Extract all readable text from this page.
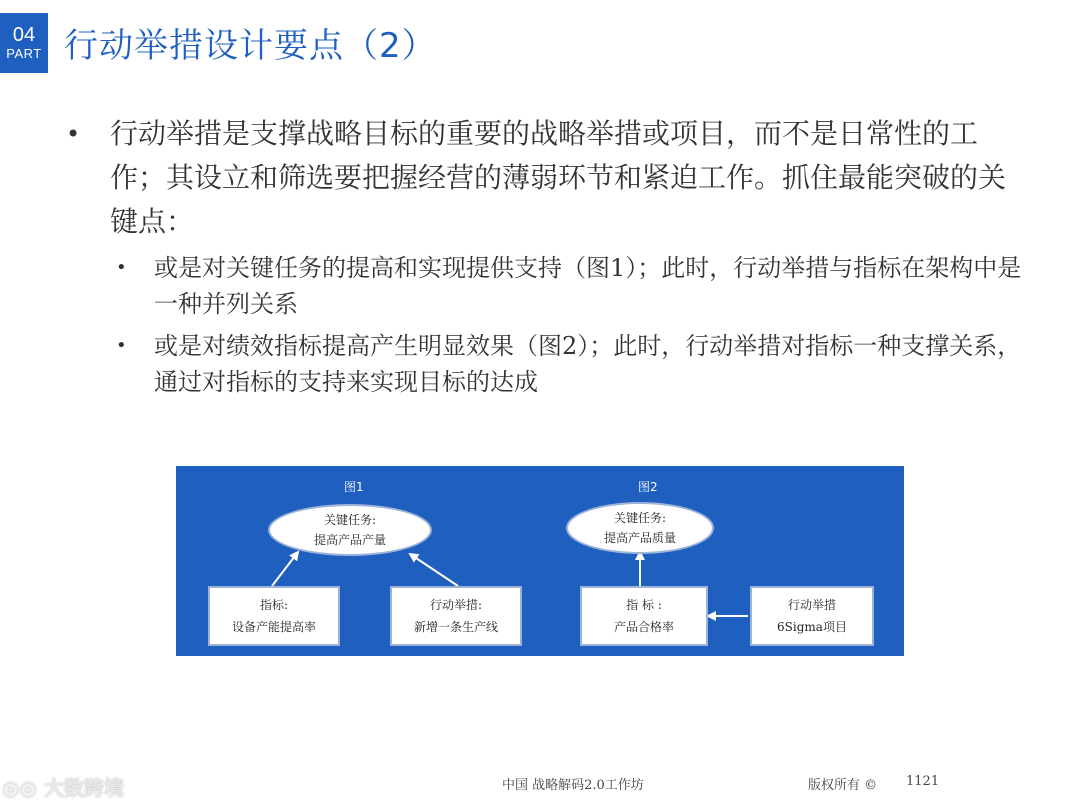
04
PART 行动举措设计要点（2）
• 行动举措是支撑战略目标的重要的战略举措或项目，而不是日常性的工作；其设立和筛选要把握经营的薄弱环节和紧迫工作。抓住最能突破的关键点：
• 或是对关键任务的提高和实现提供支持（图1）；此时，行动举措与指标在架构中是一种并列关系
• 或是对绩效指标提高产生明显效果（图2）；此时，行动举措对指标一种支撑关系，通过对指标的支持来实现目标的达成
图1
关键任务:
提高产品产量
指标:
设备产能提高率
行动举措:
新增一条生产线
图2
关键任务:
提高产品质量
指 标 :
产品合格率
行动举措
6Sigma项目
◎◎ 大数跨境	中国 战略解码2.0工作坊	版权所有 © 1121
